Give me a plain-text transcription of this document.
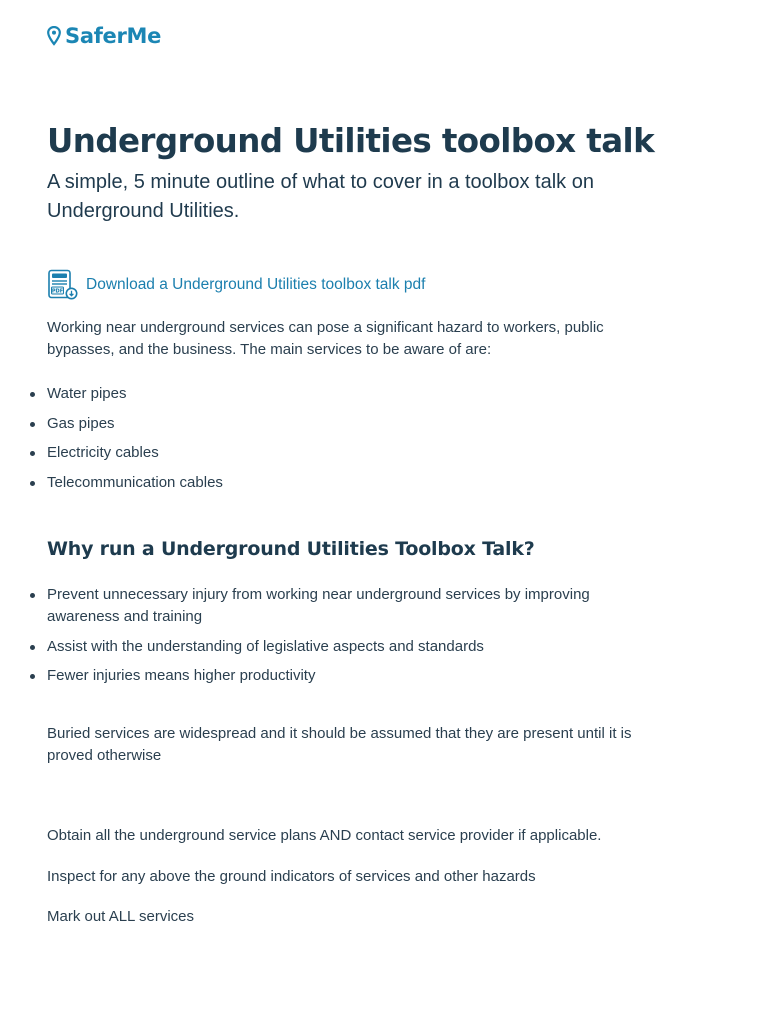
SaferMe
Underground Utilities toolbox talk

A simple, 5 minute outline of what to cover in a toolbox talk on Underground Utilities.

PDF Download a Underground Utilities toolbox talk pdf

Working near underground services can pose a significant hazard to workers, public bypasses, and the business. The main services to be aware of are:

Water pipes
Gas pipes
Electricity cables
Telecommunication cables
Why run a Underground Utilities Toolbox Talk?
Prevent unnecessary injury from working near underground services by improving awareness and training
Assist with the understanding of legislative aspects and standards
Fewer injuries means higher productivity

Buried services are widespread and it should be assumed that they are present until it is proved otherwise

Obtain all the underground service plans AND contact service provider if applicable.

Inspect for any above the ground indicators of services and other hazards

Mark out ALL services
